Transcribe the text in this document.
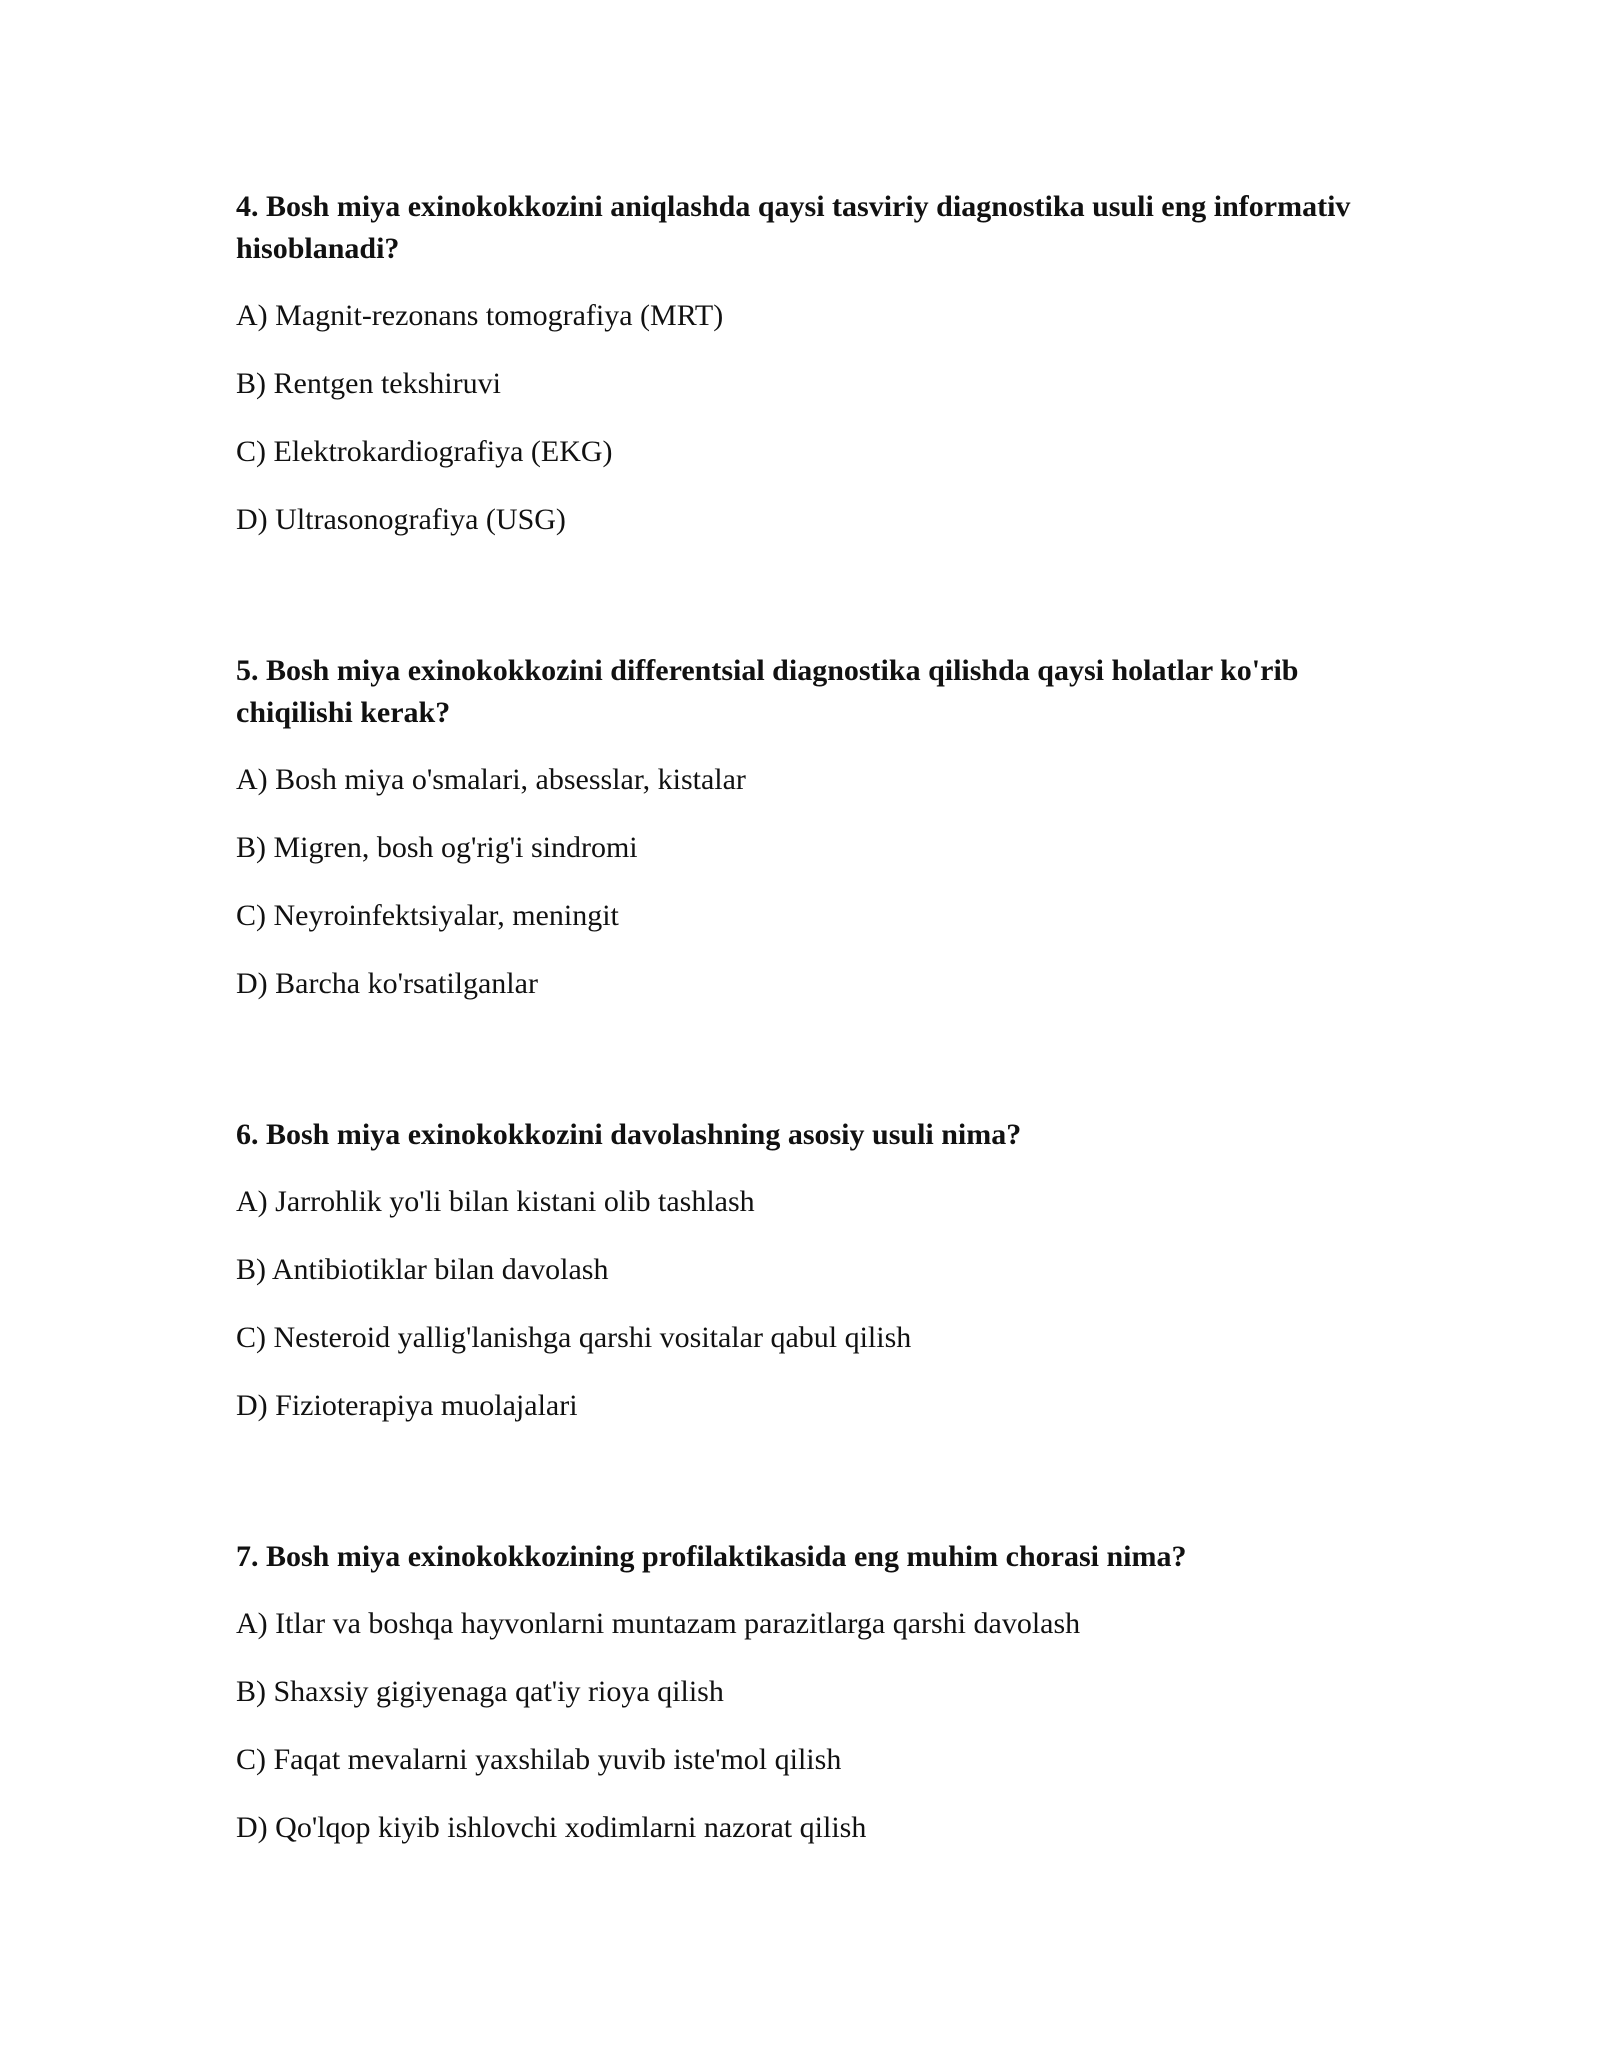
4. Bosh miya exinokokkozini aniqlashda qaysi tasviriy diagnostika usuli eng informativ hisoblanadi?

A) Magnit-rezonans tomografiya (MRT)
B) Rentgen tekshiruvi
C) Elektrokardiografiya (EKG)
D) Ultrasonografiya (USG)

5. Bosh miya exinokokkozini differentsial diagnostika qilishda qaysi holatlar ko'rib chiqilishi kerak?

A) Bosh miya o'smalari, absesslar, kistalar
B) Migren, bosh og'rig'i sindromi
C) Neyroinfektsiyalar, meningit
D) Barcha ko'rsatilganlar

6. Bosh miya exinokokkozini davolashning asosiy usuli nima?

A) Jarrohlik yo'li bilan kistani olib tashlash
B) Antibiotiklar bilan davolash
C) Nesteroid yallig'lanishga qarshi vositalar qabul qilish
D) Fizioterapiya muolajalari

7. Bosh miya exinokokkozining profilaktikasida eng muhim chorasi nima?

A) Itlar va boshqa hayvonlarni muntazam parazitlarga qarshi davolash
B) Shaxsiy gigiyenaga qat'iy rioya qilish
C) Faqat mevalarni yaxshilab yuvib iste'mol qilish
D) Qo'lqop kiyib ishlovchi xodimlarni nazorat qilish
